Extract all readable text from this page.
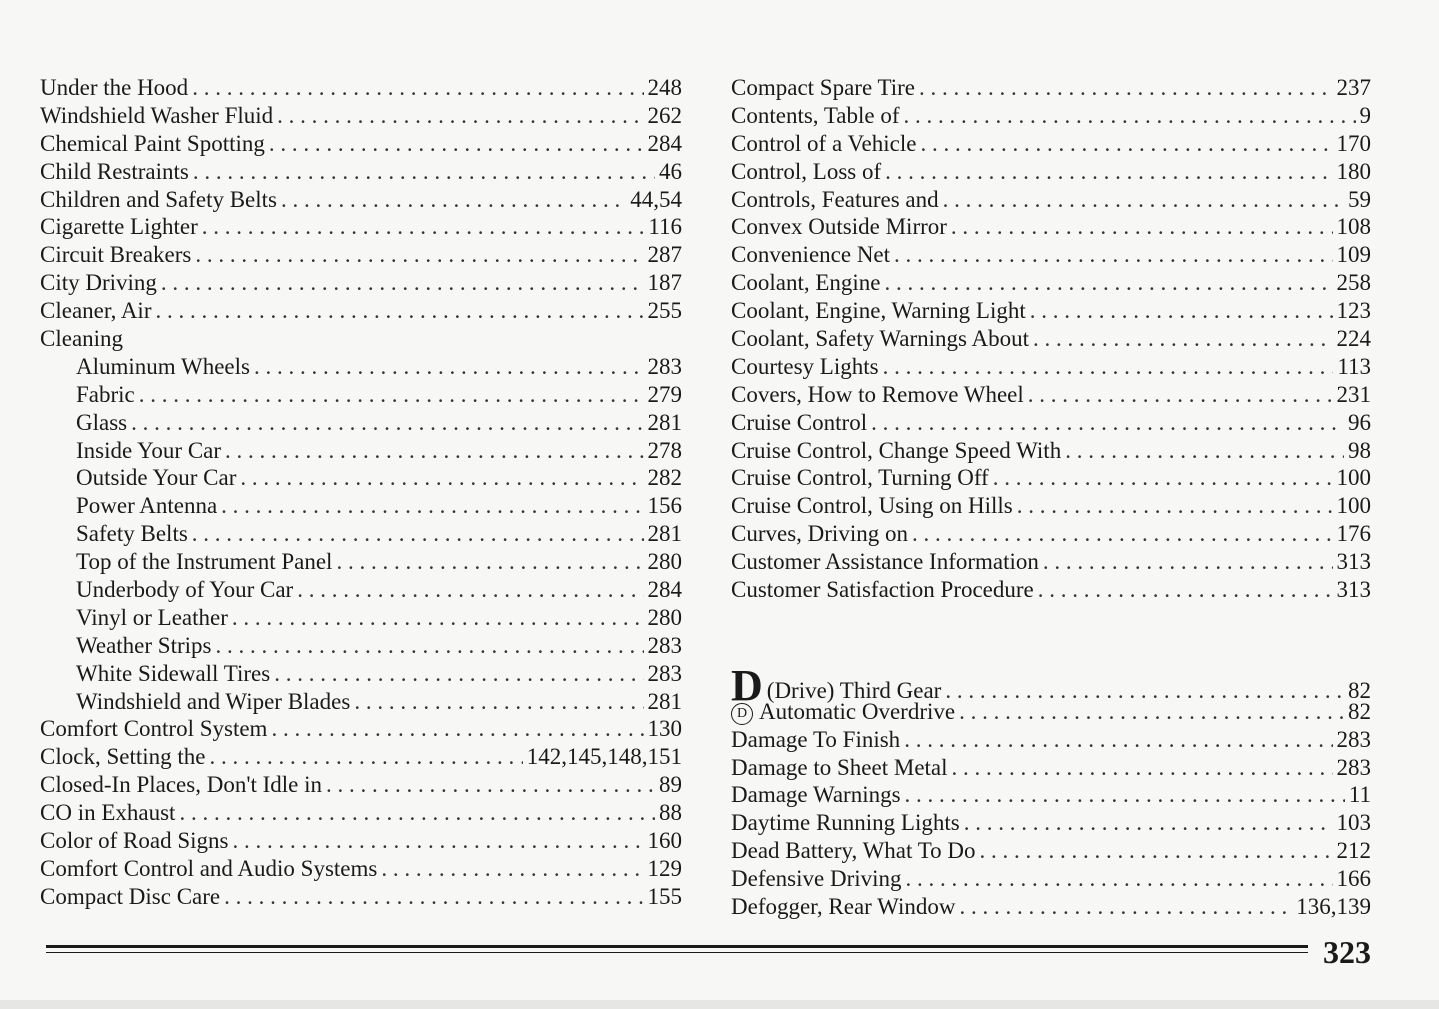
Under the Hood . . .	248
Windshield Washer Fluid . . .	262
Chemical Paint Spotting . . .	284
Child Restraints . . .	46
Children and Safety Belts . . .	44,54
Cigarette Lighter . . .	116
Circuit Breakers . . .	287
City Driving . . .	187
Cleaner, Air . . .	255
Cleaning
Aluminum Wheels . . .	283
Fabric . . .	279
Glass . . .	281
Inside Your Car . . .	278
Outside Your Car . . .	282
Power Antenna . . .	156
Safety Belts . . .	281
Top of the Instrument Panel . . .	280
Underbody of Your Car . . .	284
Vinyl or Leather . . .	280
Weather Strips . . .	283
White Sidewall Tires . . .	283
Windshield and Wiper Blades . . .	281
Comfort Control System . . .	130
Clock, Setting the . . .	142,145,148,151
Closed-In Places, Don't Idle in . . .	89
CO in Exhaust . . .	88
Color of Road Signs . . .	160
Comfort Control and Audio Systems . . .	129
Compact Disc Care . . .	155
Compact Spare Tire . . .	237
Contents, Table of . . .	9
Control of a Vehicle . . .	170
Control, Loss of . . .	180
Controls, Features and . . .	59
Convex Outside Mirror . . .	108
Convenience Net . . .	109
Coolant, Engine . . .	258
Coolant, Engine, Warning Light . . .	123
Coolant, Safety Warnings About . . .	224
Courtesy Lights . . .	113
Covers, How to Remove Wheel . . .	231
Cruise Control . . .	96
Cruise Control, Change Speed With . . .	98
Cruise Control, Turning Off . . .	100
Cruise Control, Using on Hills . . .	100
Curves, Driving on . . .	176
Customer Assistance Information . . .	313
Customer Satisfaction Procedure . . .	313
D (Drive) Third Gear . . .	82
D Automatic Overdrive . . .	82
Damage To Finish . . .	283
Damage to Sheet Metal . . .	283
Damage Warnings . . .	11
Daytime Running Lights . . .	103
Dead Battery, What To Do . . .	212
Defensive Driving . . .	166
Defogger, Rear Window . . .	136,139
323
